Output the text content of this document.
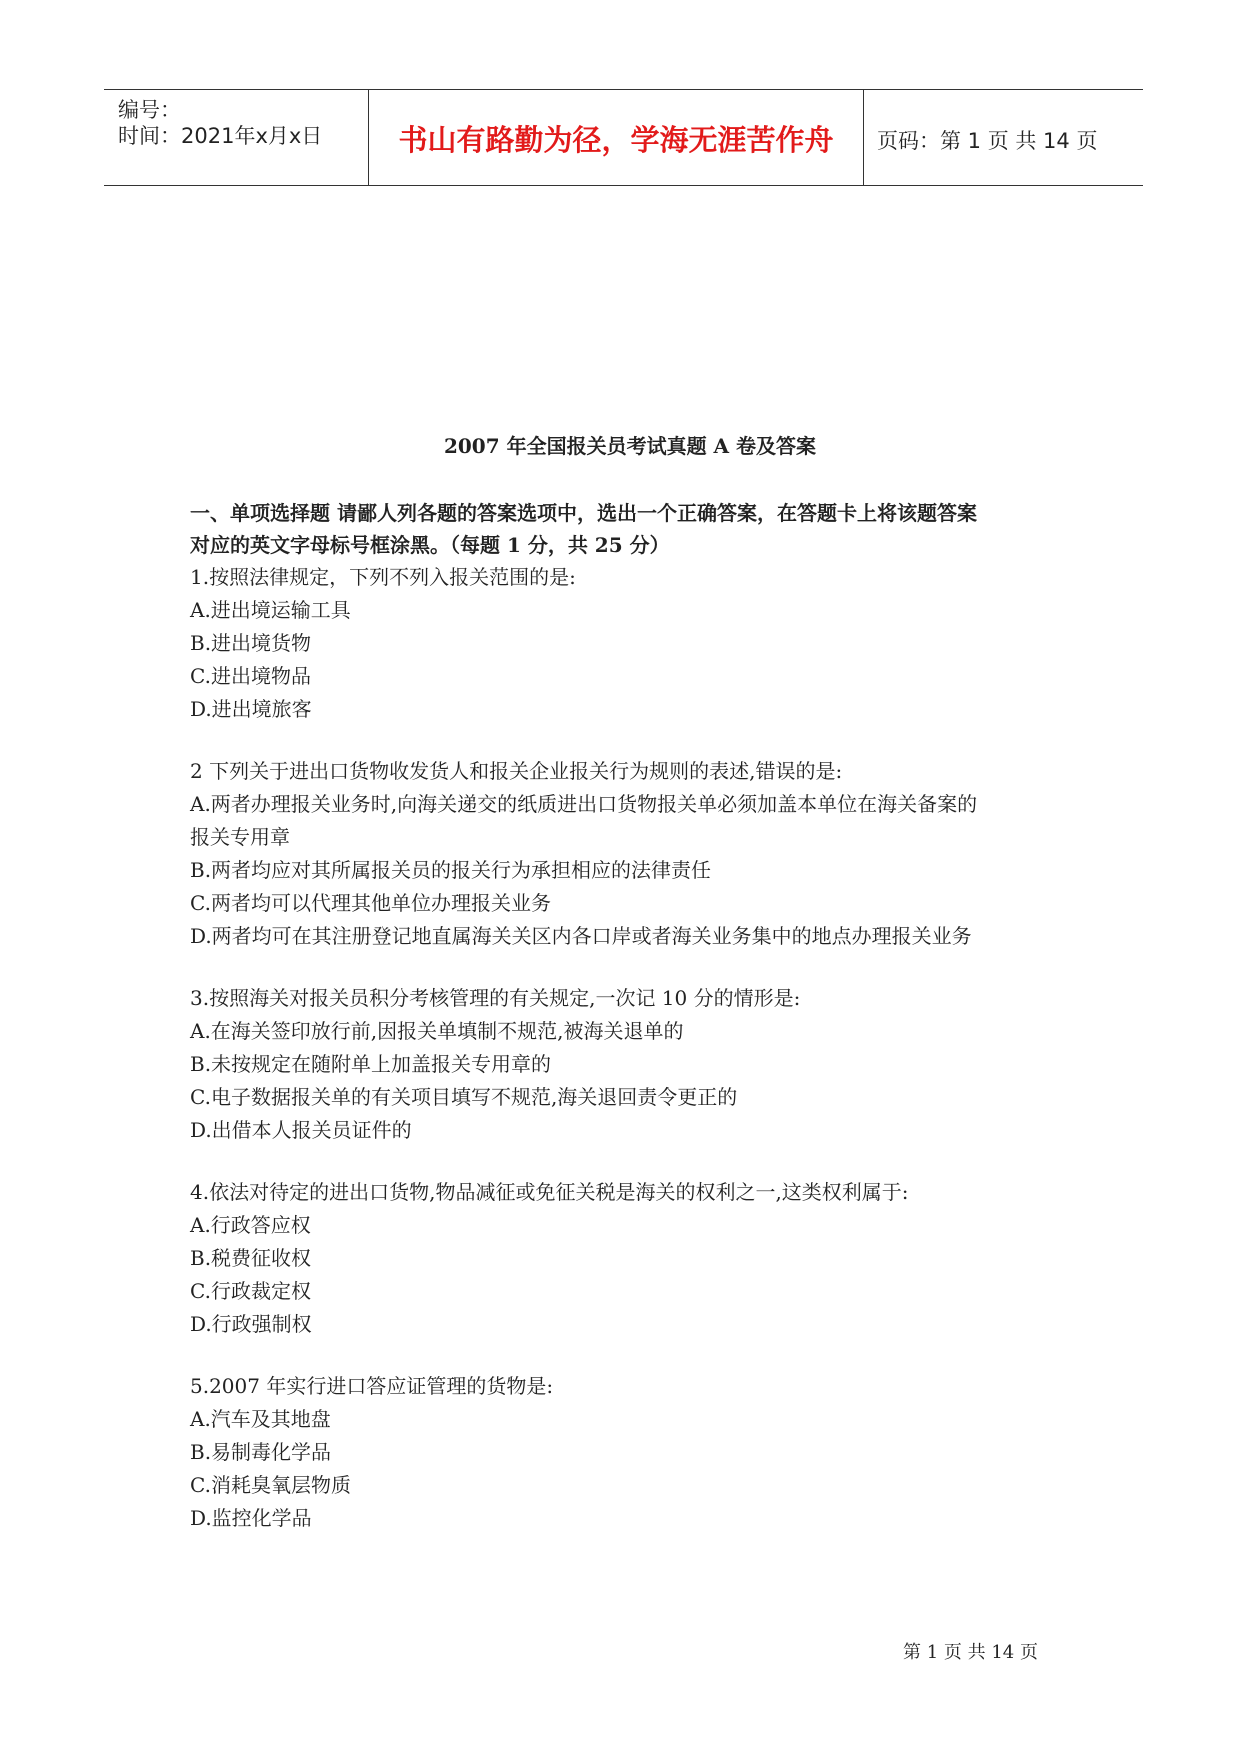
编号：
时间：2021年x月x日	书山有路勤为径，学海无涯苦作舟	页码：第 1 页 共 14 页

2007 年全国报关员考试真题 A 卷及答案

一、单项选择题 请鄙人列各题的答案选项中，选出一个正确答案，在答题卡上将该题答案

对应的英文字母标号框涂黑。（每题 1 分，共 25 分）

1.按照法律规定，下列不列入报关范围的是:

A.进出境运输工具

B.进出境货物

C.进出境物品

D.进出境旅客

2 下列关于进出口货物收发货人和报关企业报关行为规则的表述,错误的是:

A.两者办理报关业务时,向海关递交的纸质进出口货物报关单必须加盖本单位在海关备案的

报关专用章

B.两者均应对其所属报关员的报关行为承担相应的法律责任

C.两者均可以代理其他单位办理报关业务

D.两者均可在其注册登记地直属海关关区内各口岸或者海关业务集中的地点办理报关业务

3.按照海关对报关员积分考核管理的有关规定,一次记 10 分的情形是:

A.在海关签印放行前,因报关单填制不规范,被海关退单的

B.未按规定在随附单上加盖报关专用章的

C.电子数据报关单的有关项目填写不规范,海关退回责令更正的

D.出借本人报关员证件的

4.依法对待定的进出口货物,物品减征或免征关税是海关的权利之一,这类权利属于:

A.行政答应权

B.税费征收权

C.行政裁定权

D.行政强制权

5.2007 年实行进口答应证管理的货物是:

A.汽车及其地盘

B.易制毒化学品

C.消耗臭氧层物质

D.监控化学品

第 1 页 共 14 页
